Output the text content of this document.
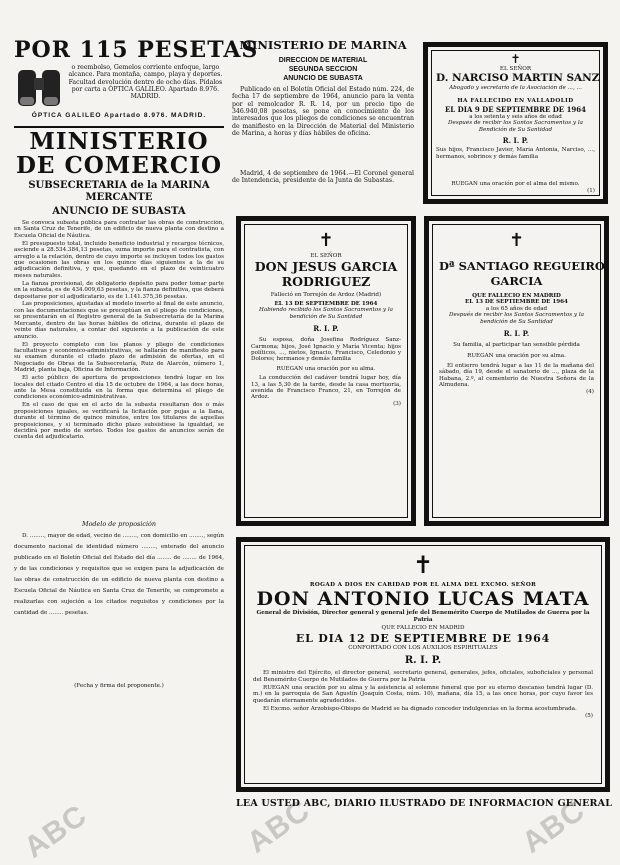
ABC	ABC	ABC
POR 115 PESETAS
o reembolso, Gemelos corriente enfoque, largo alcance. Para montaña, campo, playa y deportes. Facultad devolución dentro de ocho días. Pídalos por carta a ÓPTICA GALILEO. Apartado 8.976. MADRID.
ÓPTICA GALILEO Apartado 8.976. MADRID.
MINISTERIO
DE COMERCIO
SUBSECRETARIA de la MARINA MERCANTE
ANUNCIO DE SUBASTA

Se convoca subasta pública para contratar las obras de construcción, en Santa Cruz de Tenerife, de un edificio de nueva planta con destino a Escuela Oficial de Náutica.

El presupuesto total, incluido beneficio industrial y recargos técnicos, asciende a 28.534.384,13 pesetas, suma importe para el contratista, con arreglo a la relación, dentro de cuyo importe se incluyen todos los gastos que ocasionen las obras en los quince días siguientes a la de su adjudicación definitiva, y que, quedando en el plazo de veinticuatro meses naturales.

La fianza provisional, de obligatorio depósito para poder tomar parte en la subasta, es de 434.009,63 pesetas, y la fianza definitiva, que deberá depositarse por el adjudicatario, es de 1.141.375,36 pesetas.

Las proposiciones, ajustadas al modelo inserto al final de este anuncio, con las documentaciones que se preceptúan en el pliego de condiciones, se presentarán en el Registro general de la Subsecretaría de la Marina Mercante, dentro de las horas hábiles de oficina, durante el plazo de veinte días naturales, a contar del siguiente a la publicación de este anuncio.

El proyecto completo con los planos y pliego de condiciones facultativas y económico-administrativas, se hallarán de manifiesto para su examen durante el citado plazo de admisión de ofertas, en el Negociado de Obras de la Subsecretaría, Ruiz de Alarcón, número 1, Madrid, planta baja, Oficina de Información.

El acto público de apertura de proposiciones tendrá lugar en los locales del citado Centro el día 15 de octubre de 1964, a las doce horas, ante la Mesa constituida en la forma que determina el pliego de condiciones económico-administrativas.

En el caso de que en el acto de la subasta resultaran dos o más proposiciones iguales, se verificará la licitación por pujas a la llana, durante el término de quince minutos, entre los titulares de aquellas proposiciones, y si terminado dicho plazo subsistiese la igualdad, se decidirá por medio de sorteo. Todos los gastos de anuncios serán de cuenta del adjudicatario.

Modelo de proposición
D. ........, mayor de edad, vecino de ........, con domicilio en ........, según documento nacional de identidad número ........, enterado del anuncio publicado en el Boletín Oficial del Estado del día ........ de ........ de 1964, y de las condiciones y requisitos que se exigen para la adjudicación de las obras de construcción de un edificio de nueva planta con destino a Escuela Oficial de Náutica en Santa Cruz de Tenerife, se compromete a realizarlas con sujeción a los citados requisitos y condiciones por la cantidad de ........ pesetas.
(Fecha y firma del proponente.)
MINISTERIO DE MARINA
DIRECCION DE MATERIAL
SEGUNDA SECCION
ANUNCIO DE SUBASTA
Publicado en el Boletín Oficial del Estado núm. 224, de fecha 17 de septiembre de 1964, anuncio para la venta por el remolcador R. R. 14, por un precio tipo de 346.940,08 pesetas, se pone en conocimiento de los interesados que los pliegos de condiciones se encuentran de manifiesto en la Dirección de Material del Ministerio de Marina, a horas y días hábiles de oficina.
Madrid, 4 de septiembre de 1964.—El Coronel general de Intendencia, presidente de la Junta de Subastas.
✝
EL SEÑOR
D. NARCISO MARTIN SANZ
Abogado y secretario de la Asociación de ..., ...
HA FALLECIDO EN VALLADOLID
EL DIA 9 DE SEPTIEMBRE DE 1964
a los setenta y seis años de edad
Después de recibir los Santos Sacramentos y la Bendición de Su Santidad
R. I. P.
Sus hijos, Francisco Javier, María Antonia, Narciso, ..., hermanos, sobrinos y demás familia
RUEGAN una oración por el alma del mismo.
(1)
✝
EL SEÑOR
DON JESUS GARCIA
RODRIGUEZ
Falleció en Torrejón de Ardoz (Madrid)
EL 13 DE SEPTIEMBRE DE 1964
Habiendo recibido los Santos Sacramentos y la bendición de Su Santidad
R. I. P.
Su esposa, doña Josefina Rodríguez Sanz-Carmona; hijos, José Ignacio y María Vicenta; hijos políticos, ..., nietos, Ignacio, Francisco, Celedonio y Dolores; hermanos y demás familia
RUEGAN una oración por su alma.
La conducción del cadáver tendrá lugar hoy, día 13, a las 5,30 de la tarde, desde la casa mortuoria, avenida de Francisco Franco, 21, en Torrejón de Ardoz.
(3)
✝
Dª SANTIAGO REGUEIRO
GARCIA
QUE FALLECIO EN MADRID
EL 13 DE SEPTIEMBRE DE 1964
a los 65 años de edad
Después de recibir los Santos Sacramentos y la bendición de Su Santidad
R. I. P.
Su familia, al participar tan sensible pérdida
RUEGAN una oración por su alma.
El entierro tendrá lugar a las 11 de la mañana del sábado, día 19, desde el sanatorio de ..., plaza de la Habana, 2.º, al cementerio de Nuestra Señora de la Almudena.
(4)
✝
ROGAD A DIOS EN CARIDAD POR EL ALMA DEL EXCMO. SEÑOR
DON ANTONIO LUCAS MATA
General de División, Director general y general jefe del Benemérito Cuerpo de Mutilados de Guerra por la Patria
QUE FALLECIO EN MADRID
EL DIA 12 DE SEPTIEMBRE DE 1964
CONFORTADO CON LOS AUXILIOS ESPIRITUALES
R. I. P.
El ministro del Ejército, el director general, secretario general, generales, jefes, oficiales, suboficiales y personal del Benemérito Cuerpo de Mutilados de Guerra por la Patria
RUEGAN una oración por su alma y la asistencia al solemne funeral que por su eterno descanso tendrá lugar (D. m.) en la parroquia de San Agustín (Joaquín Costa, núm. 10), mañana, día 15, a las once horas, por cuyo favor les quedarán eternamente agradecidos.
El Excmo. señor Arzobispo-Obispo de Madrid se ha dignado conceder indulgencias en la forma acostumbrada.
(5)
LEA USTED ABC, DIARIO ILUSTRADO DE INFORMACION GENERAL
